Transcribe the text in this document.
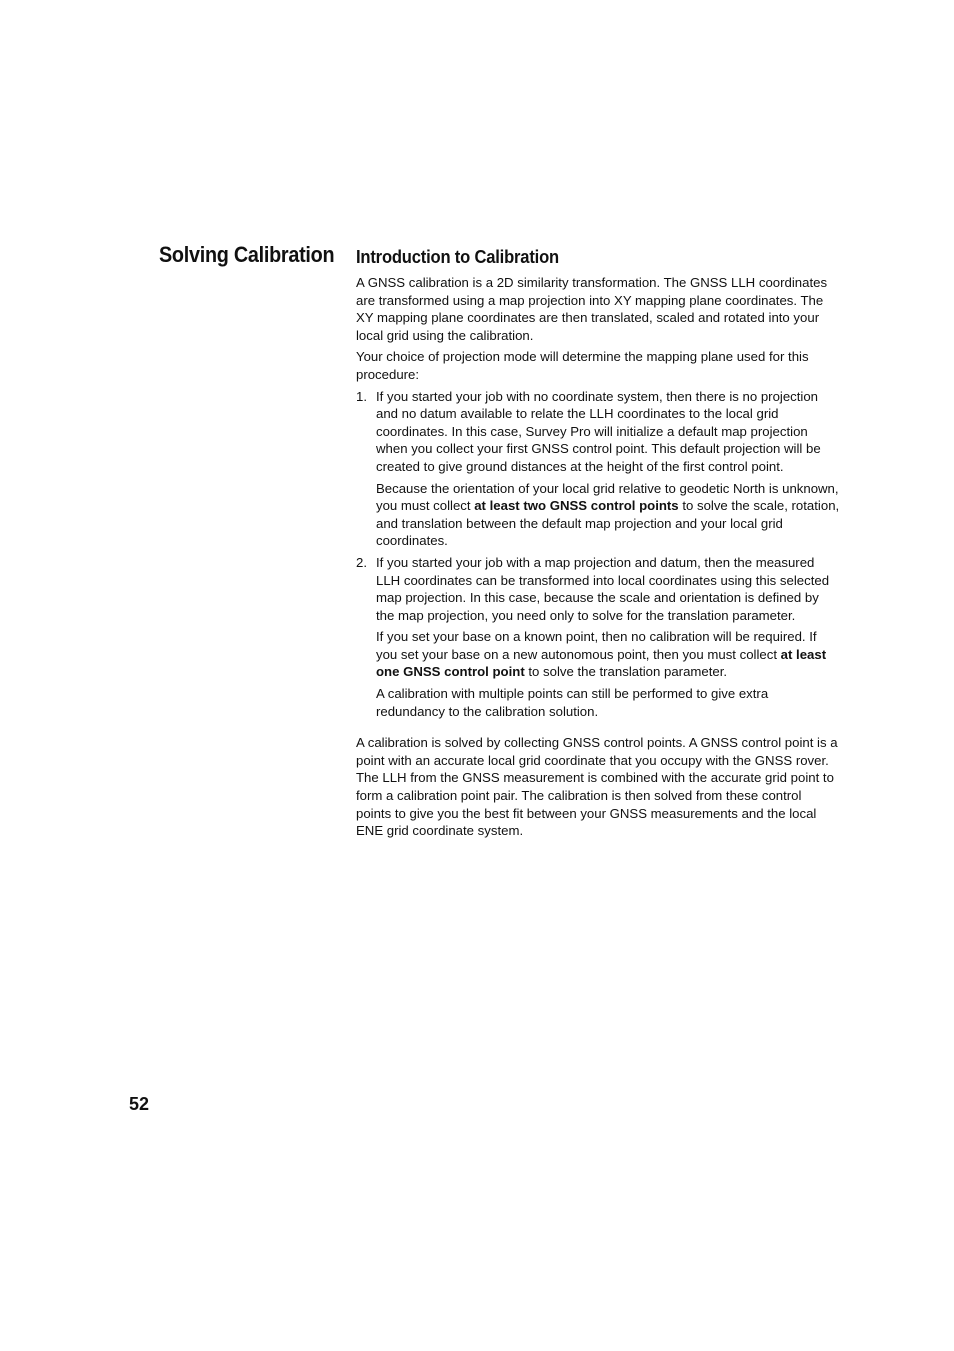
Solving Calibration Introduction to Calibration

A GNSS calibration is a 2D similarity transformation. The GNSS LLH coordinates are transformed using a map projection into XY mapping plane coordinates. The XY mapping plane coordinates are then translated, scaled and rotated into your local grid using the calibration.

Your choice of projection mode will determine the mapping plane used for this procedure:

1. If you started your job with no coordinate system, then there is no projection and no datum available to relate the LLH coordinates to the local grid coordinates. In this case, Survey Pro will initialize a default map projection when you collect your first GNSS control point. This default projection will be created to give ground distances at the height of the first control point.

Because the orientation of your local grid relative to geodetic North is unknown, you must collect at least two GNSS control points to solve the scale, rotation, and translation between the default map projection and your local grid coordinates.

2. If you started your job with a map projection and datum, then the measured LLH coordinates can be transformed into local coordinates using this selected map projection. In this case, because the scale and orientation is defined by the map projection, you need only to solve for the translation parameter.

If you set your base on a known point, then no calibration will be required. If you set your base on a new autonomous point, then you must collect at least one GNSS control point to solve the translation parameter.

A calibration with multiple points can still be performed to give extra redundancy to the calibration solution.

A calibration is solved by collecting GNSS control points. A GNSS control point is a point with an accurate local grid coordinate that you occupy with the GNSS rover. The LLH from the GNSS measurement is combined with the accurate grid point to form a calibration point pair. The calibration is then solved from these control points to give you the best fit between your GNSS measurements and the local ENE grid coordinate system.

52
